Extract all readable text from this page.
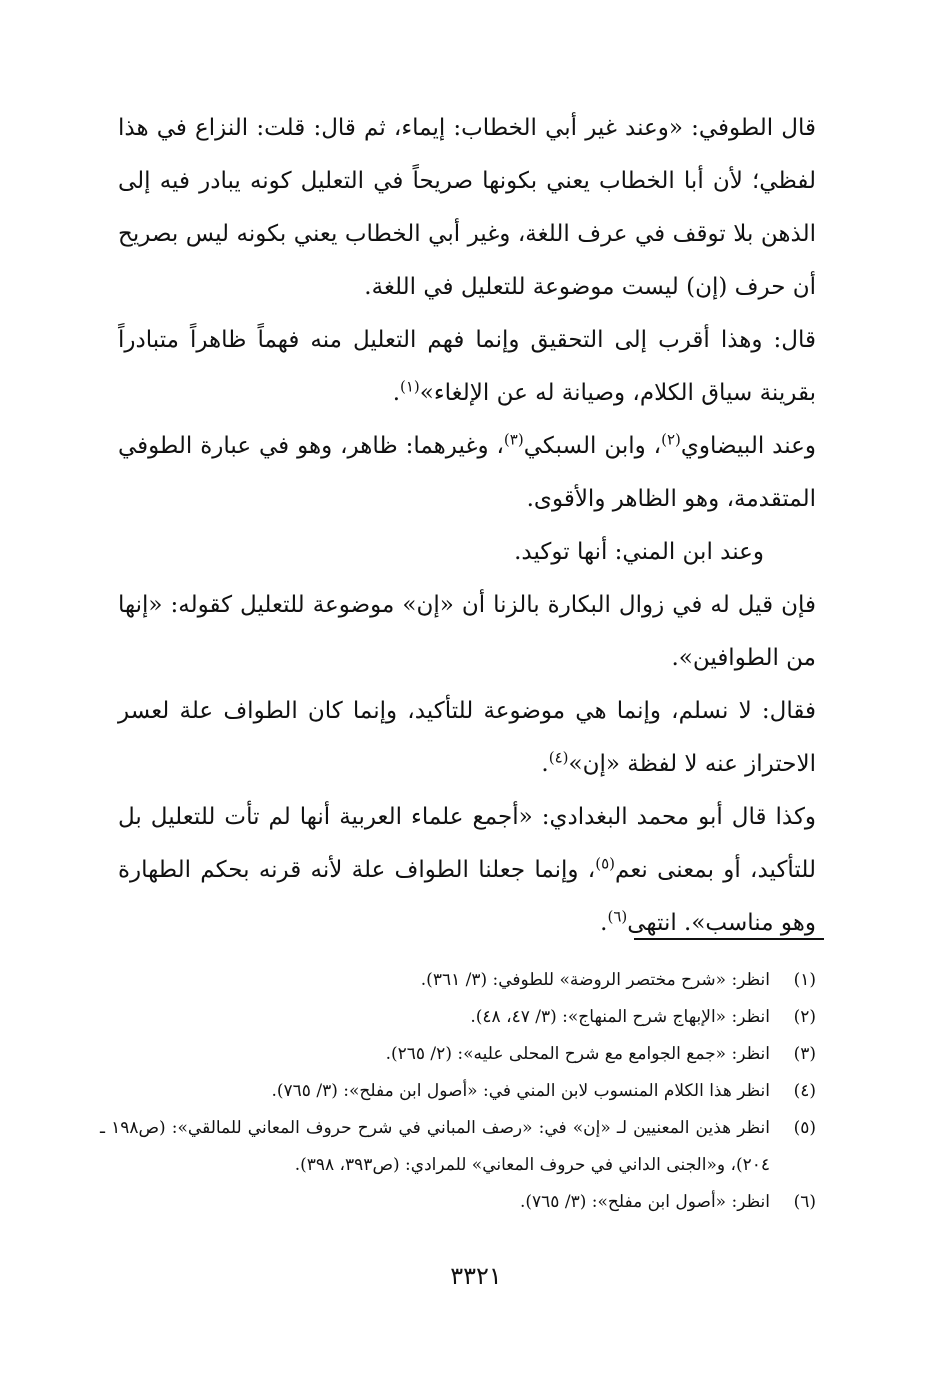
قال الطوفي: «وعند غير أبي الخطاب: إيماء، ثم قال: قلت: النزاع في هذا لفظي؛ لأن أبا الخطاب يعني بكونها صريحاً في التعليل كونه يبادر فيه إلى الذهن بلا توقف في عرف اللغة، وغير أبي الخطاب يعني بكونه ليس بصريح أن حرف (إن) ليست موضوعة للتعليل في اللغة.

قال: وهذا أقرب إلى التحقيق وإنما فهم التعليل منه فهماً ظاهراً متبادراً بقرينة سياق الكلام، وصيانة له عن الإلغاء»$^{(١)}$.

وعند البيضاوي$^{(٢)}$، وابن السبكي$^{(٣)}$، وغيرهما: ظاهر، وهو في عبارة الطوفي المتقدمة، وهو الظاهر والأقوى.

وعند ابن المني: أنها توكيد.

فإن قيل له في زوال البكارة بالزنا أن «إن» موضوعة للتعليل كقوله: «إنها من الطوافين».

فقال: لا نسلم، وإنما هي موضوعة للتأكيد، وإنما كان الطواف علة لعسر الاحتراز عنه لا لفظة «إن»$^{(٤)}$.

وكذا قال أبو محمد البغدادي: «أجمع علماء العربية أنها لم تأت للتعليل بل للتأكيد، أو بمعنى نعم$^{(٥)}$، وإنما جعلنا الطواف علة لأنه قرنه بحكم الطهارة وهو مناسب». انتهى$^{(٦)}$.

(١)
انظر: «شرح مختصر الروضة» للطوفي: (٣/ ٣٦١).
(٢)
انظر: «الإبهاج شرح المنهاج»: (٣/ ٤٧، ٤٨).
(٣)
انظر: «جمع الجوامع مع شرح المحلى عليه»: (٢/ ٢٦٥).
(٤)
انظر هذا الكلام المنسوب لابن المني في: «أصول ابن مفلح»: (٣/ ٧٦٥).
(٥)
انظر هذين المعنيين لـ «إن» في: «رصف المباني في شرح حروف المعاني للمالقي»: (ص١٩٨ ـ ٢٠٤)، و«الجنى الداني في حروف المعاني» للمرادي: (ص٣٩٣، ٣٩٨).
(٦)
انظر: «أصول ابن مفلح»: (٣/ ٧٦٥).
٣٣٢١
